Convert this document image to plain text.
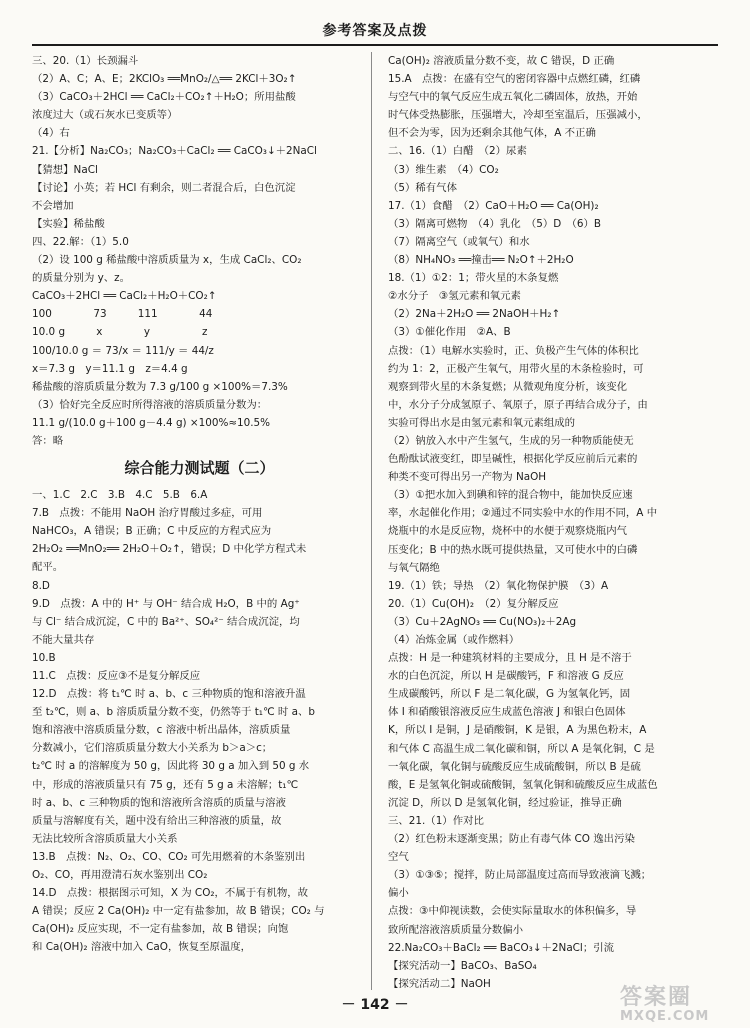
参考答案及点拨
三、20.（1）长颈漏斗
（2）A、C；A、E；2KClO₃ ══MnO₂/△══ 2KCl＋3O₂↑
（3）CaCO₃＋2HCl ══ CaCl₂＋CO₂↑＋H₂O；所用盐酸
浓度过大（或石灰水已变质等）
（4）右
21.【分析】Na₂CO₃；Na₂CO₃＋CaCl₂ ══ CaCO₃↓＋2NaCl
【猜想】NaCl
【讨论】小英；若 HCl 有剩余，则二者混合后，白色沉淀
不会增加
【实验】稀盐酸
四、22.解：（1）5.0
（2）设 100 g 稀盐酸中溶质质量为 x，生成 CaCl₂、CO₂
的质量分别为 y、z。
CaCO₃＋2HCl ══ CaCl₂＋H₂O＋CO₂↑
100　　　　73　　　111　　　　44
10.0 g　　　x　　　　y　　　　　z
100/10.0 g ＝ 73/x ＝ 111/y ＝ 44/z
x＝7.3 g　y＝11.1 g　z＝4.4 g
稀盐酸的溶质质量分数为 7.3 g/100 g ×100%＝7.3%
（3）恰好完全反应时所得溶液的溶质质量分数为：
11.1 g/(10.0 g＋100 g－4.4 g) ×100%≈10.5%
答：略
综合能力测试题（二）
一、1.C　2.C　3.B　4.C　5.B　6.A
7.B　点拨：不能用 NaOH 治疗胃酸过多症，可用
NaHCO₃，A 错误；B 正确；C 中反应的方程式应为
2H₂O₂ ══MnO₂══ 2H₂O＋O₂↑，错误；D 中化学方程式未
配平。
8.D
9.D　点拨：A 中的 H⁺ 与 OH⁻ 结合成 H₂O，B 中的 Ag⁺
与 Cl⁻ 结合成沉淀，C 中的 Ba²⁺、SO₄²⁻ 结合成沉淀，均
不能大量共存
10.B
11.C　点拨：反应③不是复分解反应
12.D　点拨：将 t₁℃ 时 a、b、c 三种物质的饱和溶液升温
至 t₂℃，则 a、b 溶质质量分数不变，仍然等于 t₁℃ 时 a、b
饱和溶液中溶质质量分数，c 溶液中析出晶体，溶质质量
分数减小，它们溶质质量分数大小关系为 b＞a＞c；
t₂℃ 时 a 的溶解度为 50 g，因此将 30 g a 加入到 50 g 水
中，形成的溶液质量只有 75 g，还有 5 g a 未溶解；t₁℃
时 a、b、c 三种物质的饱和溶液所含溶质的质量与溶液
质量与溶解度有关，题中没有给出三种溶液的质量，故
无法比较所含溶质质量大小关系
13.B　点拨：N₂、O₂、CO、CO₂ 可先用燃着的木条鉴别出
O₂、CO，再用澄清石灰水鉴别出 CO₂
14.D　点拨：根据图示可知，X 为 CO₂，不属于有机物，故
A 错误；反应 2 Ca(OH)₂ 中一定有盐参加，故 B 错误；CO₂ 与
Ca(OH)₂ 反应实现，不一定有盐参加，故 B 错误；向饱
和 Ca(OH)₂ 溶液中加入 CaO，恢复至原温度，
Ca(OH)₂ 溶液质量分数不变，故 C 错误，D 正确
15.A　点拨：在盛有空气的密闭容器中点燃红磷，红磷
与空气中的氧气反应生成五氧化二磷固体，放热，开始
时气体受热膨胀，压强增大，冷却至室温后，压强减小，
但不会为零，因为还剩余其他气体，A 不正确
二、16.（1）白醋　（2）尿素
（3）维生素　（4）CO₂
（5）稀有气体
17.（1）食醋　（2）CaO＋H₂O ══ Ca(OH)₂
（3）隔离可燃物　（4）乳化　（5）D　（6）B
（7）隔离空气（或氧气）和水
（8）NH₄NO₃ ══撞击══ N₂O↑＋2H₂O
18.（1）①2：1；带火星的木条复燃
②水分子　③氢元素和氧元素
（2）2Na＋2H₂O ══ 2NaOH＋H₂↑
（3）①催化作用　②A、B
点拨：（1）电解水实验时，正、负极产生气体的体积比
约为 1：2，正极产生氧气，用带火星的木条检验时，可
观察到带火星的木条复燃；从微观角度分析，该变化
中，水分子分成氢原子、氧原子，原子再结合成分子，由
实验可得出水是由氢元素和氧元素组成的
（2）钠放入水中产生氢气，生成的另一种物质能使无
色酚酞试液变红，即呈碱性，根据化学反应前后元素的
种类不变可得出另一产物为 NaOH
（3）①把水加入到碘和锌的混合物中，能加快反应速
率，水起催化作用；②通过不同实验中水的作用不同，A 中
烧瓶中的水是反应物，烧杯中的水便于观察烧瓶内气
压变化；B 中的热水既可提供热量，又可使水中的白磷
与氧气隔绝
19.（1）铁；导热　（2）氧化物保护膜　（3）A
20.（1）Cu(OH)₂　（2）复分解反应
（3）Cu＋2AgNO₃ ══ Cu(NO₃)₂＋2Ag
（4）冶炼金属（或作燃料）
点拨：H 是一种建筑材料的主要成分，且 H 是不溶于
水的白色沉淀，所以 H 是碳酸钙，F 和溶液 G 反应
生成碳酸钙，所以 F 是二氧化碳，G 为氢氧化钙，固
体 I 和硝酸银溶液反应生成蓝色溶液 J 和银白色固体
K，所以 I 是铜，J 是硝酸铜，K 是银，A 为黑色粉末，A
和气体 C 高温生成二氧化碳和铜，所以 A 是氧化铜，C 是
一氧化碳，氧化铜与硫酸反应生成硫酸铜，所以 B 是硫
酸，E 是氢氧化铜或硫酸铜，氢氧化铜和硫酸反应生成蓝色
沉淀 D，所以 D 是氢氧化铜，经过验证，推导正确
三、21.（1）作对比
（2）红色粉末逐渐变黑；防止有毒气体 CO 逸出污染
空气
（3）①③⑤；搅拌，防止局部温度过高而导致液滴飞溅；
偏小
点拨：③中仰视读数，会使实际量取水的体积偏多，导
致所配溶液溶质质量分数偏小
22.Na₂CO₃＋BaCl₂ ══ BaCO₃↓＋2NaCl；引流
【探究活动一】BaCO₃、BaSO₄
【探究活动二】NaOH
－ 142 －	答案圈
MXQE.COM
